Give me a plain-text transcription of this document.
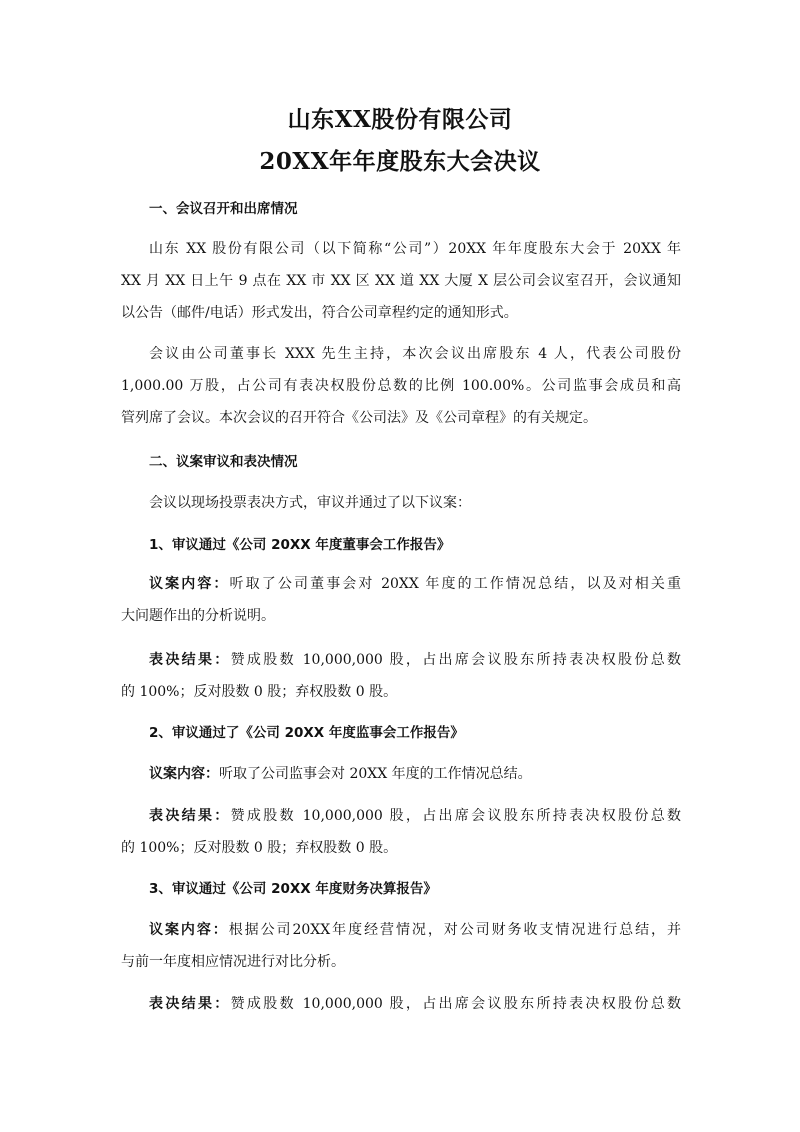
山东XX股份有限公司
20XX年年度股东大会决议
一、会议召开和出席情况
山东 XX 股份有限公司（以下简称“公司”）20XX 年年度股东大会于 20XX 年
XX 月 XX 日上午 9 点在 XX 市 XX 区 XX 道 XX 大厦 X 层公司会议室召开，会议通知
以公告（邮件/电话）形式发出，符合公司章程约定的通知形式。
会议由公司董事长 XXX 先生主持，本次会议出席股东 4 人，代表公司股份
1,000.00 万股，占公司有表决权股份总数的比例 100.00%。公司监事会成员和高
管列席了会议。本次会议的召开符合《公司法》及《公司章程》的有关规定。
二、议案审议和表决情况
会议以现场投票表决方式，审议并通过了以下议案：
1、审议通过《公司 20XX 年度董事会工作报告》
议案内容：听取了公司董事会对 20XX 年度的工作情况总结，以及对相关重
大问题作出的分析说明。
表决结果：赞成股数 10,000,000 股，占出席会议股东所持表决权股份总数
的 100%；反对股数 0 股；弃权股数 0 股。
2、审议通过了《公司 20XX 年度监事会工作报告》
议案内容：听取了公司监事会对 20XX 年度的工作情况总结。
表决结果：赞成股数 10,000,000 股，占出席会议股东所持表决权股份总数
的 100%；反对股数 0 股；弃权股数 0 股。
3、审议通过《公司 20XX 年度财务决算报告》
议案内容：根据公司20XX年度经营情况，对公司财务收支情况进行总结，并
与前一年度相应情况进行对比分析。
表决结果：赞成股数 10,000,000 股，占出席会议股东所持表决权股份总数
